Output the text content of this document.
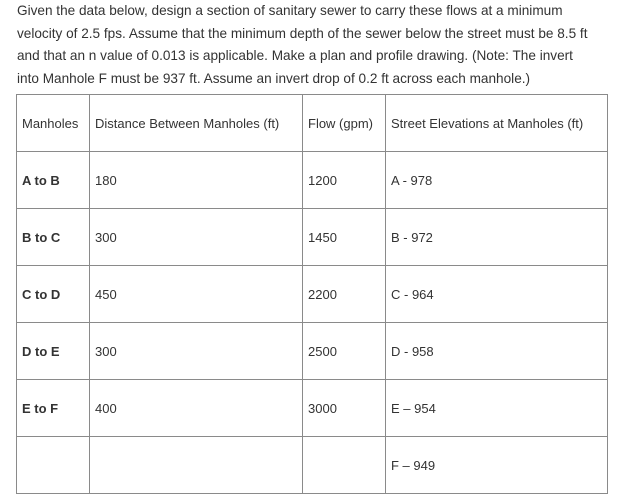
Given the data below, design a section of sanitary sewer to carry these flows at a minimum
velocity of 2.5 fps. Assume that the minimum depth of the sewer below the street must be 8.5 ft
and that an n value of 0.013 is applicable. Make a plan and profile drawing. (Note: The invert
into Manhole F must be 937 ft. Assume an invert drop of 0.2 ft across each manhole.)
Manholes	Distance Between Manholes (ft)	Flow (gpm)	Street Elevations at Manholes (ft)
A to B	180	1200	A - 978
B to C	300	1450	B - 972
C to D	450	2200	C - 964
D to E	300	2500	D - 958
E to F	400	3000	E – 954
			F – 949
